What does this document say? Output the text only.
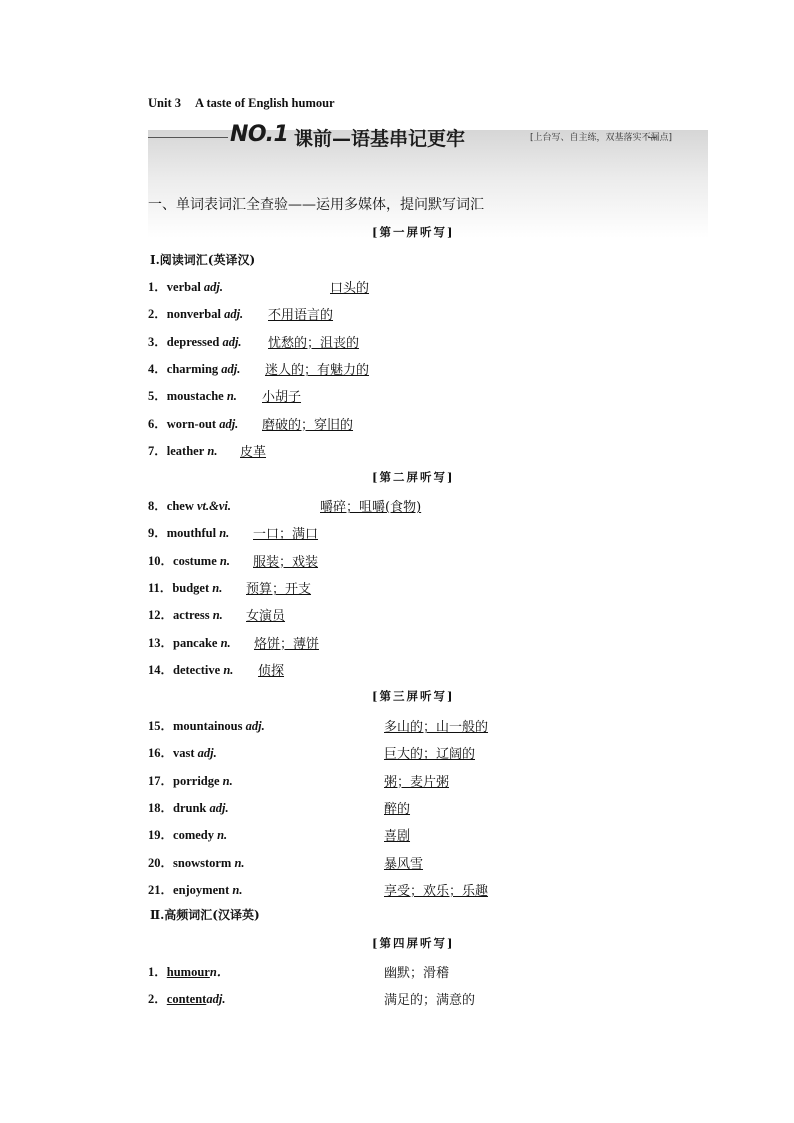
Unit 3 A taste of English humour
NO.1 课前—语基串记更牢	[上台写、自主练，双基落实不漏点]
一、单词表词汇全查验——运用多媒体，提问默写词汇
[第一屏听写]
Ⅰ.阅读词汇(英译汉)
1．verbal adj.	口头的
2．nonverbal adj. 不用语言的
3．depressed adj. 忧愁的；沮丧的
4．charming adj. 迷人的；有魅力的
5．moustache n. 小胡子
6．worn-out adj. 磨破的；穿旧的
7．leather n. 皮革
[第二屏听写]
8．chew vt.&vi.	嚼碎；咀嚼(食物)
9．mouthful n. 一口；满口
10．costume n. 服装；戏装
11．budget n. 预算；开支
12．actress n. 女演员
13．pancake n. 烙饼；薄饼
14．detective n. 侦探
[第三屏听写]
15．mountainous adj.	多山的；山一般的
16．vast adj.	巨大的；辽阔的
17．porridge n.	粥；麦片粥
18．drunk adj.	醉的
19．comedy n.	喜剧
20．snowstorm n.	暴风雪
21．enjoyment n.	享受；欢乐；乐趣
Ⅱ.高频词汇(汉译英)
[第四屏听写]
1．humourn．	幽默；滑稽
2．contentadj.	满足的；满意的
